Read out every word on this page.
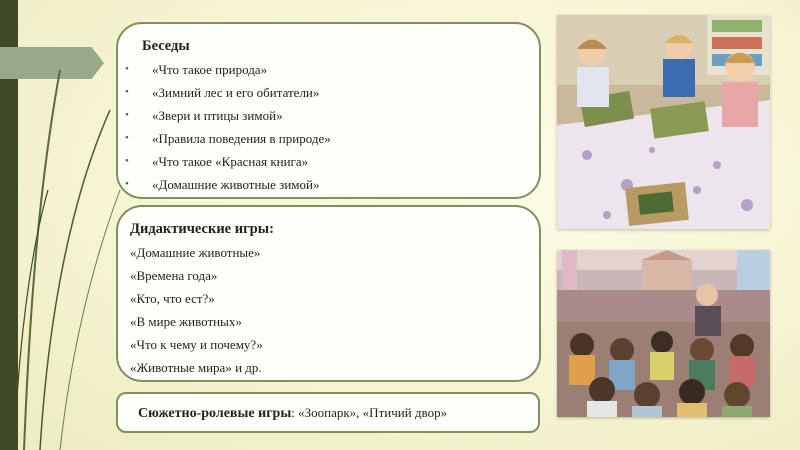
Беседы
• «Что такое природа»
• «Зимний лес и его обитатели»
• «Звери и птицы зимой»
• «Правила поведения в природе»
• «Что такое «Красная книга»
• «Домашние животные зимой»
Дидактические игры:
«Домашние животные»
«Времена года»
«Кто, что ест?»
«В мире животных»
«Что к чему и почему?»
«Животные мира» и др.
Сюжетно-ролевые игры: «Зоопарк», «Птичий двор»
